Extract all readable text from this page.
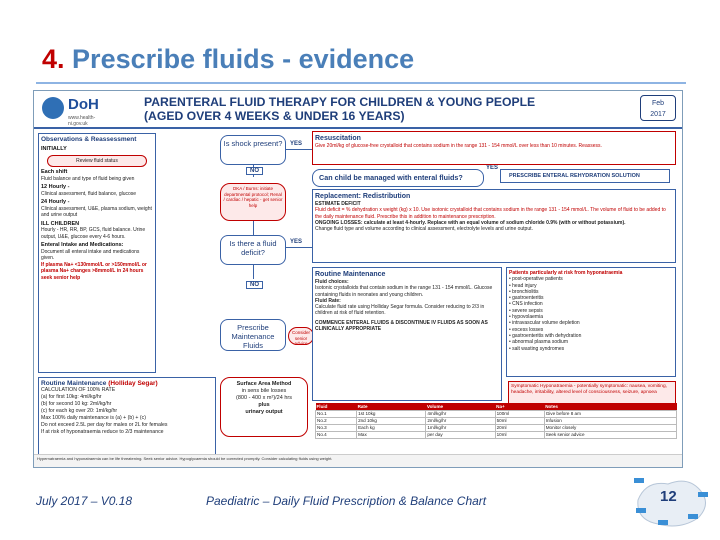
4. Prescribe fluids - evidence
DoH
www.health-ni.gov.uk
PARENTERAL FLUID THERAPY FOR CHILDREN & YOUNG PEOPLE
(AGED OVER 4 WEEKS & UNDER 16 YEARS)
Feb
2017
Observations & Reassessment
INITIALLY
Review fluid status
Each shift
Fluid balance and type of fluid being given
12 Hourly -
Clinical assessment, fluid balance, glucose
24 Hourly -
Clinical assessment, U&E, plasma sodium, weight and urine output
ILL CHILDREN
Hourly - HR, RR, BP, GCS, fluid balance. Urine output, U&E, glucose every 4-6 hours.
Enteral Intake and Medications:
Document all enteral intake and medications given.
If plasma Na+ <130mmol/L or >150mmol/L or plasma Na+ changes >8mmol/L in 24 hours seek senior help
Is shock present?	YES
NO
DKA / Burns: initiate departmental protocol; Renal / cardiac / hepatic - get senior help
Is there a fluid deficit?
YES
NO
Prescribe Maintenance Fluids
Consider senior advice
Can child be managed with enteral fluids?
YES
PRESCRIBE ENTERAL REHYDRATION SOLUTION
Resuscitation
Give 20ml/kg of glucose-free crystalloid that contains sodium in the range 131 - 154 mmol/L over less than 10 minutes. Reassess.
Replacement: Redistribution
ESTIMATE DEFICIT
Fluid deficit = % dehydration x weight (kg) x 10. Use isotonic crystalloid that contains sodium in the range 131 - 154 mmol/L. The volume of fluid to be added to the daily maintenance fluid. Prescribe this in addition to maintenance prescription.
ONGOING LOSSES: calculate at least 4-hourly. Replace with an equal volume of sodium chloride 0.9% (with or without potassium).
Change fluid type and volume according to clinical assessment, electrolyte levels and urine output.
Routine Maintenance
Fluid choices:
Isotonic crystalloids that contain sodium in the range 131 - 154 mmol/L. Glucose containing fluids in neonates and young children.
Fluid Rate:
Calculate fluid rate using Holliday Segar formula. Consider reducing to 2/3 in children at risk of fluid retention.
COMMENCE ENTERAL FLUIDS & DISCONTINUE IV FLUIDS AS SOON AS CLINICALLY APPROPRIATE
Patients particularly at risk from hyponatraemia
• post-operative patients
• head injury
• bronchiolitis
• gastroenteritis
• CNS infection
• severe sepsis
• hypovolaemia
• intravascular volume depletion
• excess losses
• gastroenteritis with dehydration
• abnormal plasma sodium
• salt wasting syndromes
Symptomatic Hyponatraemia - potentially symptomatic: nausea, vomiting, headache, irritability, altered level of consciousness, seizure, apnoea
Fluid	Rate	Volume	Na+	Notes
No.1	1st 10kg	4ml/kg/hr	100ml	Give before 8 am
No.2	2nd 10kg	2ml/kg/hr	50ml	Infusion
No.3	Each kg	1ml/kg/hr	20ml	Monitor closely
No.4	Max	per day	10ml	Seek senior advice
Routine Maintenance (Holliday Segar)
CALCULATION OF 100% RATE
(a) for first 10kg: 4ml/kg/hr
(b) for second 10 kg: 2ml/kg/hr
(c) for each kg over 20: 1ml/kg/hr
Max 100% daily maintenance is (a) + (b) + (c)
Do not exceed 2.5L per day for males or 2L for females
If at risk of hyponatraemia reduce to 2/3 maintenance
Surface Area Method
in sens bile losses
(800 - 400 x m²)/24 hrs
plus
urinary output
Hypernatraemia and hyponatraemia can be life threatening. Seek senior advice. Hypoglycaemia should be corrected promptly. Consider calculating fluids using weight.
July 2017 – V0.18	Paediatric – Daily Fluid Prescription & Balance Chart	12
